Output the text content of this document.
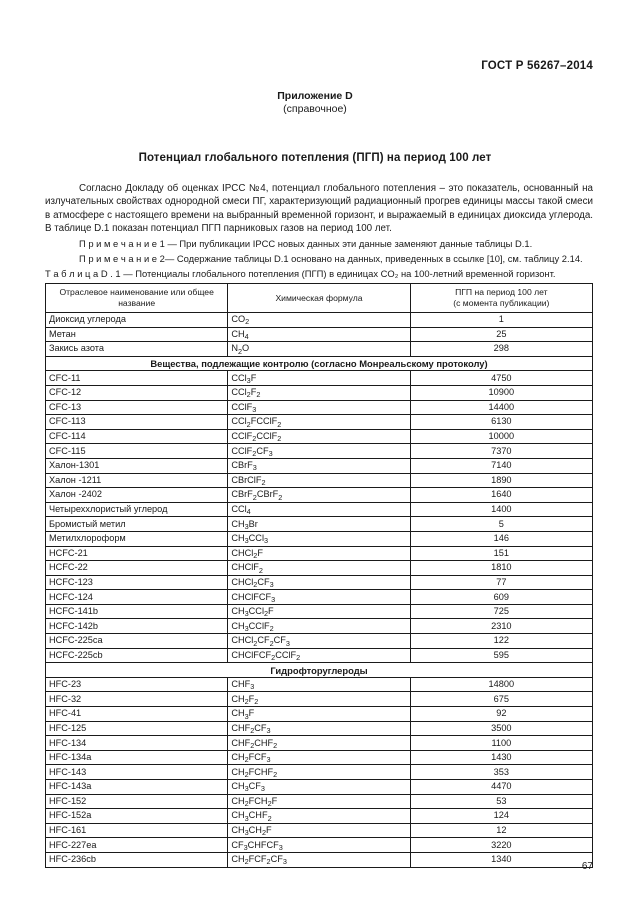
ГОСТ Р 56267–2014
Приложение D
(справочное)
Потенциал глобального потепления (ПГП) на период 100 лет
Согласно Докладу об оценках IPCC №4, потенциал глобального потепления – это показатель, основанный на излучательных свойствах однородной смеси ПГ, характеризующий радиационный прогрев единицы массы такой смеси в атмосфере с настоящего времени на выбранный временной горизонт, и выражаемый в единицах диоксида углерода. В таблице D.1 показан потенциал ПГП парниковых газов на период 100 лет.
П р и м е ч а н и е 1 — При публикации IPCC новых данных эти данные заменяют данные таблицы D.1.
П р и м е ч а н и е 2— Содержание таблицы D.1 основано на данных, приведенных в ссылке [10], см. таблицу 2.14.
Т а б л и ц а D . 1 — Потенциалы глобального потепления (ПГП) в единицах CO₂ на 100-летний временной горизонт.
Отраслевое наименование или общее название	Химическая формула	ПГП на период 100 лет
(с момента публикации)
Диоксид углерода	$CO_2$	1
Метан	$CH_4$	25
Закись азота	$N_2O$	298
Вещества, подлежащие контролю (согласно Монреальскому протоколу)		
CFC-11	CCl$_3$F	4750
CFC-12	$CCl_2F_2$	10900
CFC-13	CClF$_3$	14400
CFC-113	CCl$_2$FCClF$_2$	6130
CFC-114	CClF$_2$CClF$_2$	10000
CFC-115	$CClF_2CF_3$	7370
Халон-1301	CBrF$_3$	7140
Халон -1211	CBrClF$_2$	1890
Халон -2402	CBrF$_2$CBrF$_2$	1640
Четыреххлористый углерод	CCl$_4$	1400
Бромистый метил	$CH_3Br$	5
Метилхлороформ	$CH_3CCl_3$	146
HCFC-21	CHCl$_2$F	151
HCFC-22	CHClF$_2$	1810
HCFC-123	$CHCl_2CF_3$	77
HCFC-124	CHClFCF$_3$	609
HCFC-141b	$CH_3CCl_2F$	725
HCFC-142b	$CH_3CClF_2$	2310
HCFC-225ca	$CHCl_2CF_2CF_3$	122
HCFC-225cb	CHClFCF$_2$CClF$_2$	595
Гидрофторуглероды		
HFC-23	$CHF_3$	14800
HFC-32	$CH_2F_2$	675
HFC-41	$CH_3F$	92
HFC-125	$CHF_2CF_3$	3500
HFC-134	$CHF_2CHF_2$	1100
HFC-134a	$CH_2FCF_3$	1430
HFC-143	$CH_2FCHF_2$	353
HFC-143a	$CH_3CF_3$	4470
HFC-152	$CH_2FCH_2F$	53
HFC-152a	$CH_3CHF_2$	124
HFC-161	$CH_3CH_2F$	12
HFC-227ea	$CF_3CHFCF_3$	3220
HFC-236cb	$CH_2FCF_2CF_3$	1340
67
